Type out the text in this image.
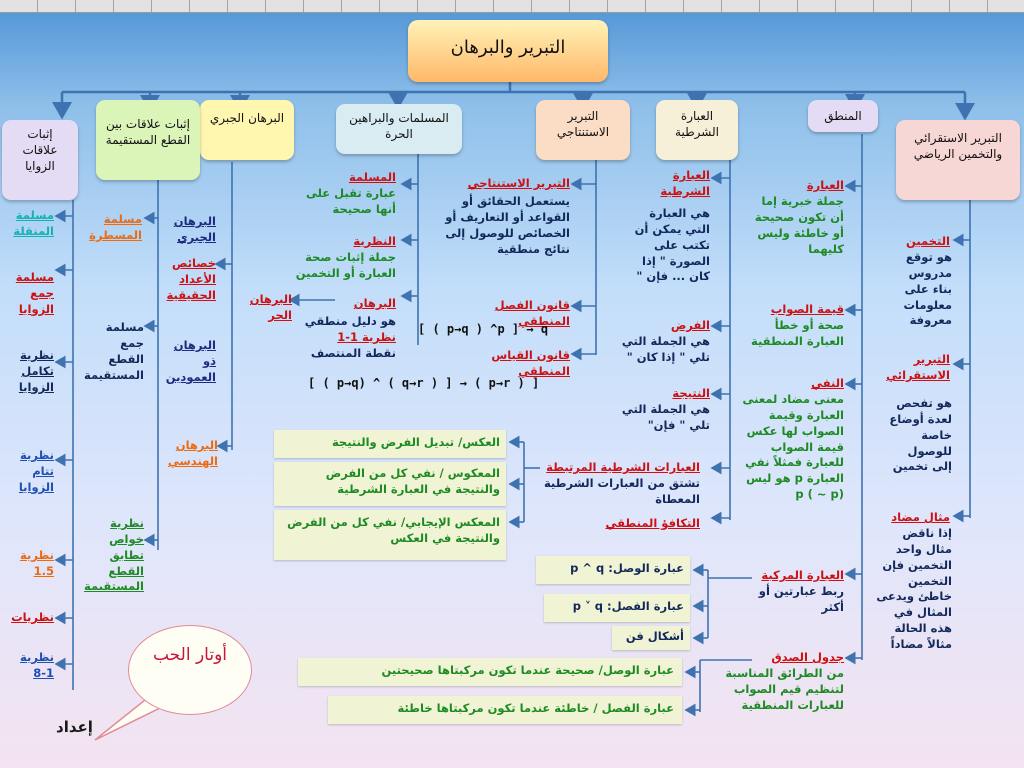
التبرير والبرهان
التبرير الاستقرائي والتخمين الرياضي
المنطق
العبارة الشرطية
التبرير الاستنتاجي
المسلمات والبراهين الحرة
البرهان الجبري
إثبات علاقات بين القطع المستقيمة
إثبات علاقات الزوايا
التخمين
هو توقع مدروس بناء على معلومات معروفة
التبرير الاستقرائي
هو تفحص لعدة أوضاع خاصة للوصول إلى تخمين
مثال مضاد
إذا ناقض مثال واحد التخمين فإن التخمين خاطئ ويدعى المثال في هذه الحالة مثالاً مضاداً
العبارة
جملة خبرية إما أن تكون صحيحة أو خاطئة وليس كليهما
قيمة الصواب
صحة أو خطأ العبارة المنطقية
النفي
معنى مضاد لمعنى العبارة وقيمة الصواب لها عكس قيمة الصواب للعبارة فمثلاً نفي العبارة p هو ليس p ( ~ p)
العبارة المركبة
ربط عبارتين أو أكثر
جدول الصدق
من الطرائق المناسبة لتنظيم قيم الصواب للعبارات المنطقية
العبارة الشرطية
هي العبارة التي يمكن أن تكتب على الصورة " إذا كان ... فإن "
الفرض
هي الجملة التي تلي " إذا كان "
النتيجة
هي الجملة التي تلي " فإن"
التبرير الاستنتاجي
يستعمل الحقائق أو القواعد أو التعاريف أو الخصائص للوصول إلى نتائج منطقية
قانون الفصل المنطقي
[ ( p→q ) ^p ] → q
قانون القياس المنطقي
[ ( p→q) ^ ( q→r ) ] → ( p→r ) ]
المسلمة
عبارة تقبل على أنها صحيحة
النظرية
جملة إثبات صحة العبارة أو التخمين
البرهان
هو دليل منطقي
نظرية 1-1
نقطة المنتصف
البرهان الحر
البرهان الجبري
خصائص الأعداد الحقيقية
البرهان ذو العمودين
البرهان الهندسي
مسلمة المسطرة
مسلمة جمع القطع المستقيمة
نظرية خواص تطابق القطع المستقيمة
مسلمة المنقلة
مسلمة جمع الزوايا
نظرية تكامل الزوايا
نظرية تتام الزوايا
نظرية 1.5
نظريات
نظرية 1-8
العبارات الشرطية المرتبطة
تشتق من العبارات الشرطية المعطاة
التكافؤ المنطقي
العكس/ تبديل الفرض والنتيجة
المعكوس / نفي كل من الفرض والنتيجة في العبارة الشرطية
المعكس الإيجابي/ نفي كل من الفرض والنتيجة في العكس
عبارة الوصل: p ^ q
عبارة الفصل: p ˅ q
أشكال فن
عبارة الوصل/ صحيحة عندما تكون مركبتاها صحيحتين
عبارة الفصل / خاطئة عندما تكون مركبتاها خاطئة
أوتار الحب
إعداد
